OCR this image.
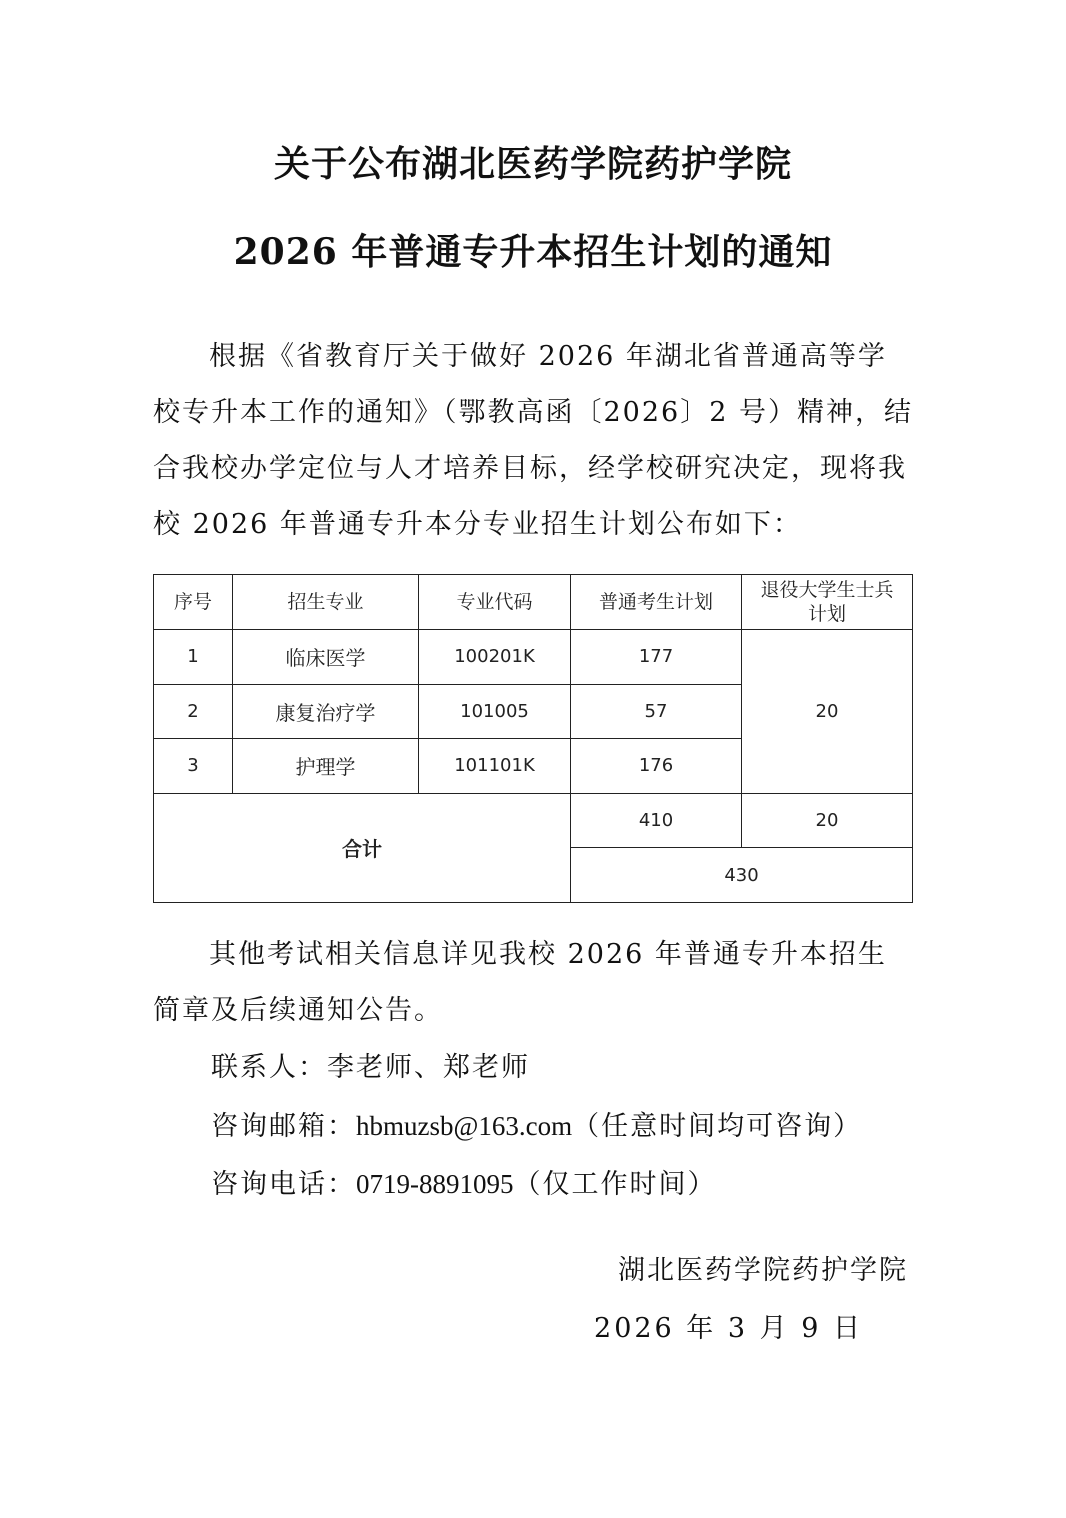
关于公布湖北医药学院药护学院
2026 年普通专升本招生计划的通知

根据《省教育厅关于做好 2026 年湖北省普通高等学校专升本工作的通知》（鄂教高函〔2026〕2 号）精神，结合我校办学定位与人才培养目标，经学校研究决定，现将我校 2026 年普通专升本分专业招生计划公布如下：

序号	招生专业	专业代码	普通考生计划	退役大学生士兵计划
1	临床医学	100201K	177	20
2	康复治疗学	101005	57	
3	护理学	101101K	176	
合计			410	20
			430	

其他考试相关信息详见我校 2026 年普通专升本招生简章及后续通知公告。

联系人：李老师、郑老师
咨询邮箱：hbmuzsb@163.com（任意时间均可咨询）
咨询电话：0719-8891095（仅工作时间）
湖北医药学院药护学院
2026 年 3 月 9 日
